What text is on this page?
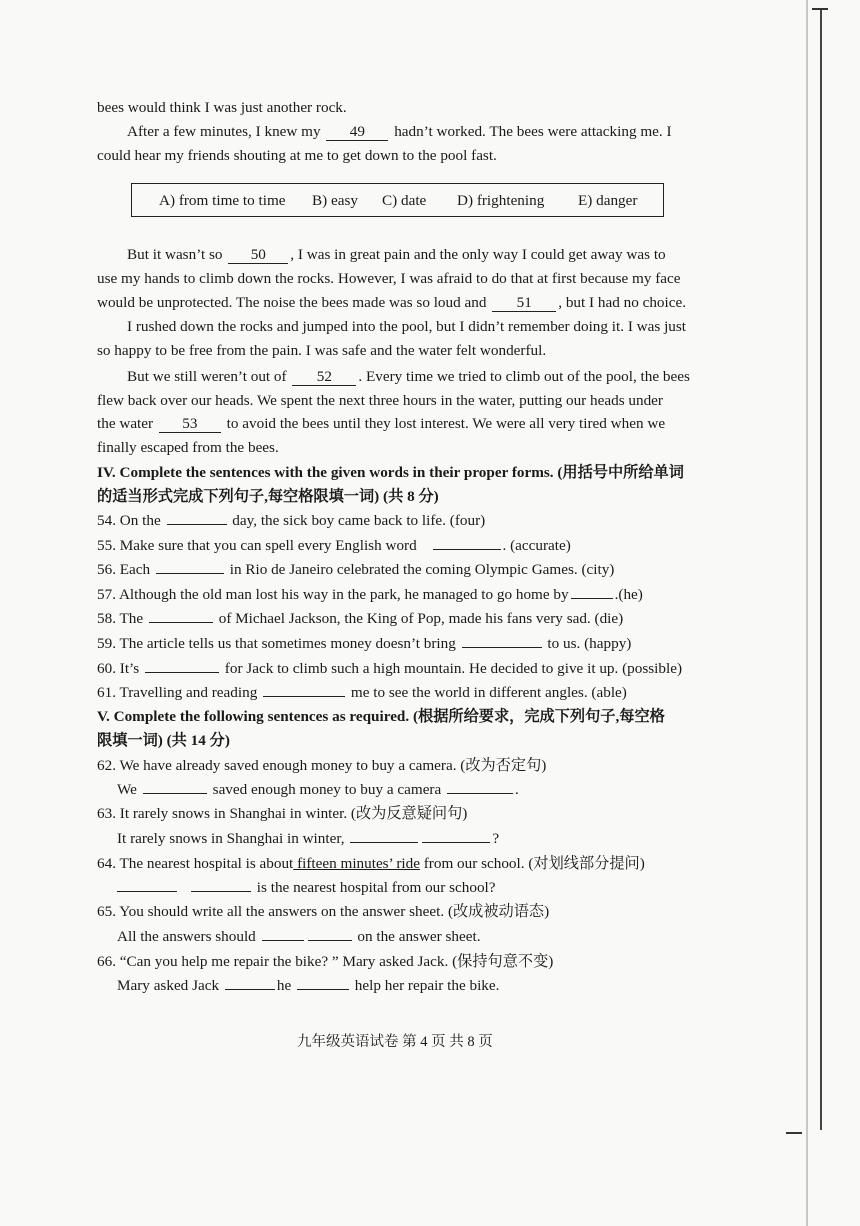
bees would think I was just another rock.
After a few minutes, I knew my 49 hadn’t worked. The bees were attacking me. I
could hear my friends shouting at me to get down to the pool fast.
A) from time to time B) easy C) date D) frightening E) danger
But it wasn’t so 50 , I was in great pain and the only way I could get away was to
use my hands to climb down the rocks. However, I was afraid to do that at first because my face
would be unprotected. The noise the bees made was so loud and 51 , but I had no choice.
I rushed down the rocks and jumped into the pool, but I didn’t remember doing it. I was just
so happy to be free from the pain. I was safe and the water felt wonderful.
But we still weren’t out of 52 . Every time we tried to climb out of the pool, the bees
flew back over our heads. We spent the next three hours in the water, putting our heads under
the water 53 to avoid the bees until they lost interest. We were all very tired when we
finally escaped from the bees.
IV. Complete the sentences with the given words in their proper forms. (用括号中所给单词
的适当形式完成下列句子,每空格限填一词) (共 8 分)
54. On the	day, the sick boy came back to life. (four)
55. Make sure that you can spell every English word	. (accurate)
56. Each	in Rio de Janeiro celebrated the coming Olympic Games. (city)
57. Although the old man lost his way in the park, he managed to go home by	.(he)
58. The	of Michael Jackson, the King of Pop, made his fans very sad. (die)
59. The article tells us that sometimes money doesn’t bring	to us. (happy)
60. It’s	for Jack to climb such a high mountain. He decided to give it up. (possible)
61. Travelling and reading	me to see the world in different angles. (able)
V. Complete the following sentences as required. (根据所给要求，完成下列句子,每空格
限填一词) (共 14 分)
62. We have already saved enough money to buy a camera. (改为否定句)
We	saved enough money to buy a camera	.
63. It rarely snows in Shanghai in winter. (改为反意疑问句)
It rarely snows in Shanghai in winter,	?
64. The nearest hospital is about fifteen minutes’ ride from our school. (对划线部分提问)
is the nearest hospital from our school?
65. You should write all the answers on the answer sheet. (改成被动语态)
All the answers should	on the answer sheet.
66. “Can you help me repair the bike? ” Mary asked Jack. (保持句意不变)
Mary asked Jack	he	help her repair the bike.
九年级英语试卷 第 4 页 共 8 页
